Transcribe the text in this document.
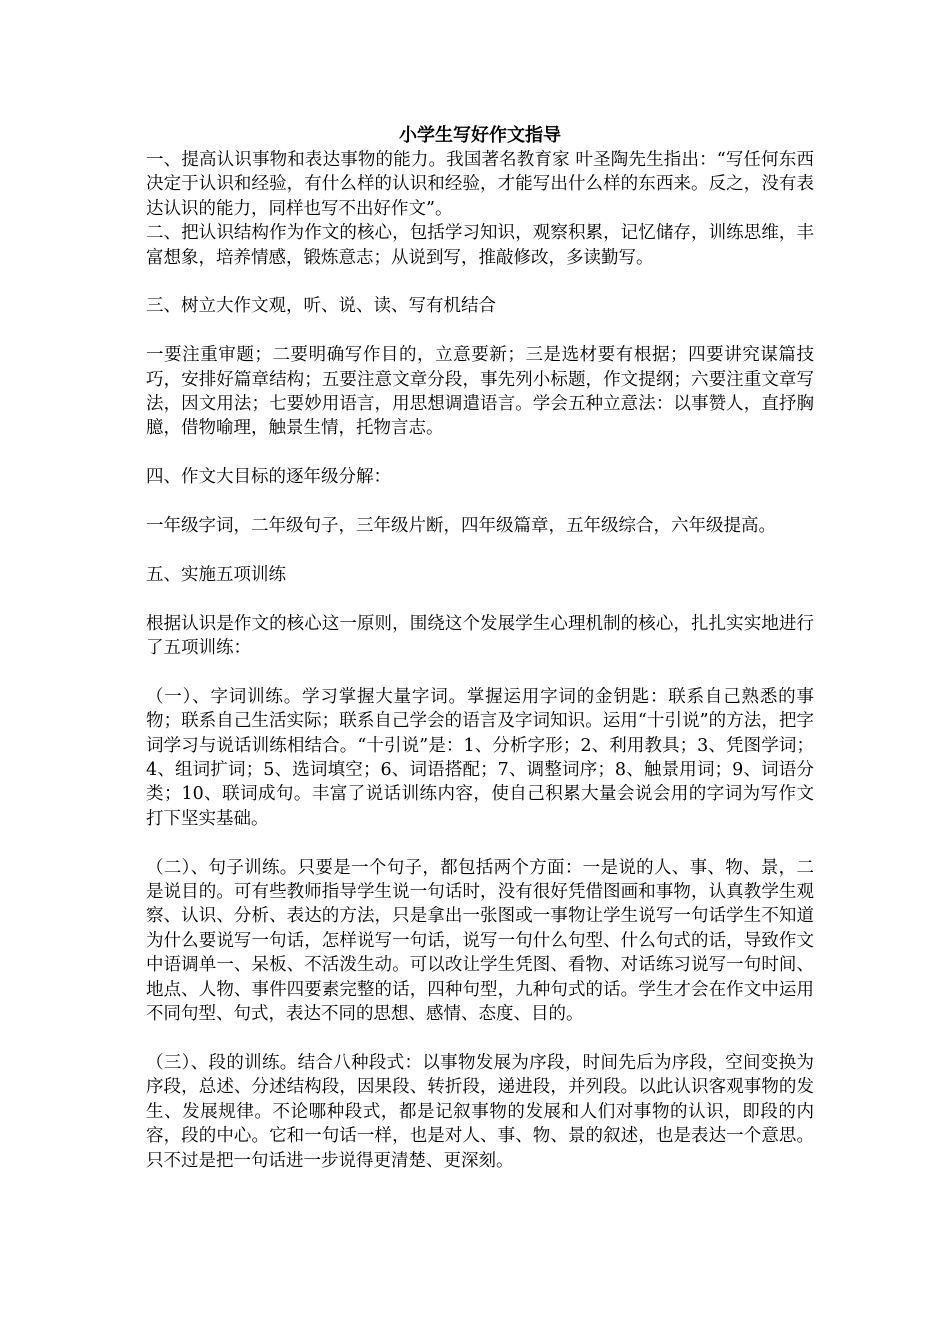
小学生写好作文指导

一、提高认识事物和表达事物的能力。我国著名教育家 叶圣陶先生指出：“写任何东西决定于认识和经验，有什么样的认识和经验，才能写出什么样的东西来。反之，没有表达认识的能力，同样也写不出好作文”。

二、把认识结构作为作文的核心，包括学习知识，观察积累，记忆储存，训练思维，丰富想象，培养情感，锻炼意志；从说到写，推敲修改，多读勤写。

三、树立大作文观，听、说、读、写有机结合

一要注重审题；二要明确写作目的，立意要新；三是选材要有根据；四要讲究谋篇技巧，安排好篇章结构；五要注意文章分段，事先列小标题，作文提纲；六要注重文章写法，因文用法；七要妙用语言，用思想调遣语言。学会五种立意法：以事赞人，直抒胸臆，借物喻理，触景生情，托物言志。

四、作文大目标的逐年级分解：

一年级字词，二年级句子，三年级片断，四年级篇章，五年级综合，六年级提高。

五、实施五项训练

根据认识是作文的核心这一原则，围绕这个发展学生心理机制的核心，扎扎实实地进行了五项训练：

（一）、字词训练。学习掌握大量字词。掌握运用字词的金钥匙：联系自己熟悉的事物；联系自己生活实际；联系自己学会的语言及字词知识。运用“十引说”的方法，把字词学习与说话训练相结合。“十引说”是：1、分析字形；2、利用教具；3、凭图学词；4、组词扩词；5、选词填空；6、词语搭配；7、调整词序；8、触景用词；9、词语分类；10、联词成句。丰富了说话训练内容，使自己积累大量会说会用的字词为写作文打下坚实基础。

（二）、句子训练。只要是一个句子，都包括两个方面：一是说的人、事、物、景，二是说目的。可有些教师指导学生说一句话时，没有很好凭借图画和事物，认真教学生观察、认识、分析、表达的方法，只是拿出一张图或一事物让学生说写一句话学生不知道为什么要说写一句话，怎样说写一句话，说写一句什么句型、什么句式的话，导致作文中语调单一、呆板、不活泼生动。可以改让学生凭图、看物、对话练习说写一句时间、地点、人物、事件四要素完整的话，四种句型，九种句式的话。学生才会在作文中运用不同句型、句式，表达不同的思想、感情、态度、目的。

（三）、段的训练。结合八种段式：以事物发展为序段，时间先后为序段，空间变换为序段，总述、分述结构段，因果段、转折段，递进段，并列段。以此认识客观事物的发生、发展规律。不论哪种段式，都是记叙事物的发展和人们对事物的认识，即段的内容，段的中心。它和一句话一样，也是对人、事、物、景的叙述，也是表达一个意思。只不过是把一句话进一步说得更清楚、更深刻。
